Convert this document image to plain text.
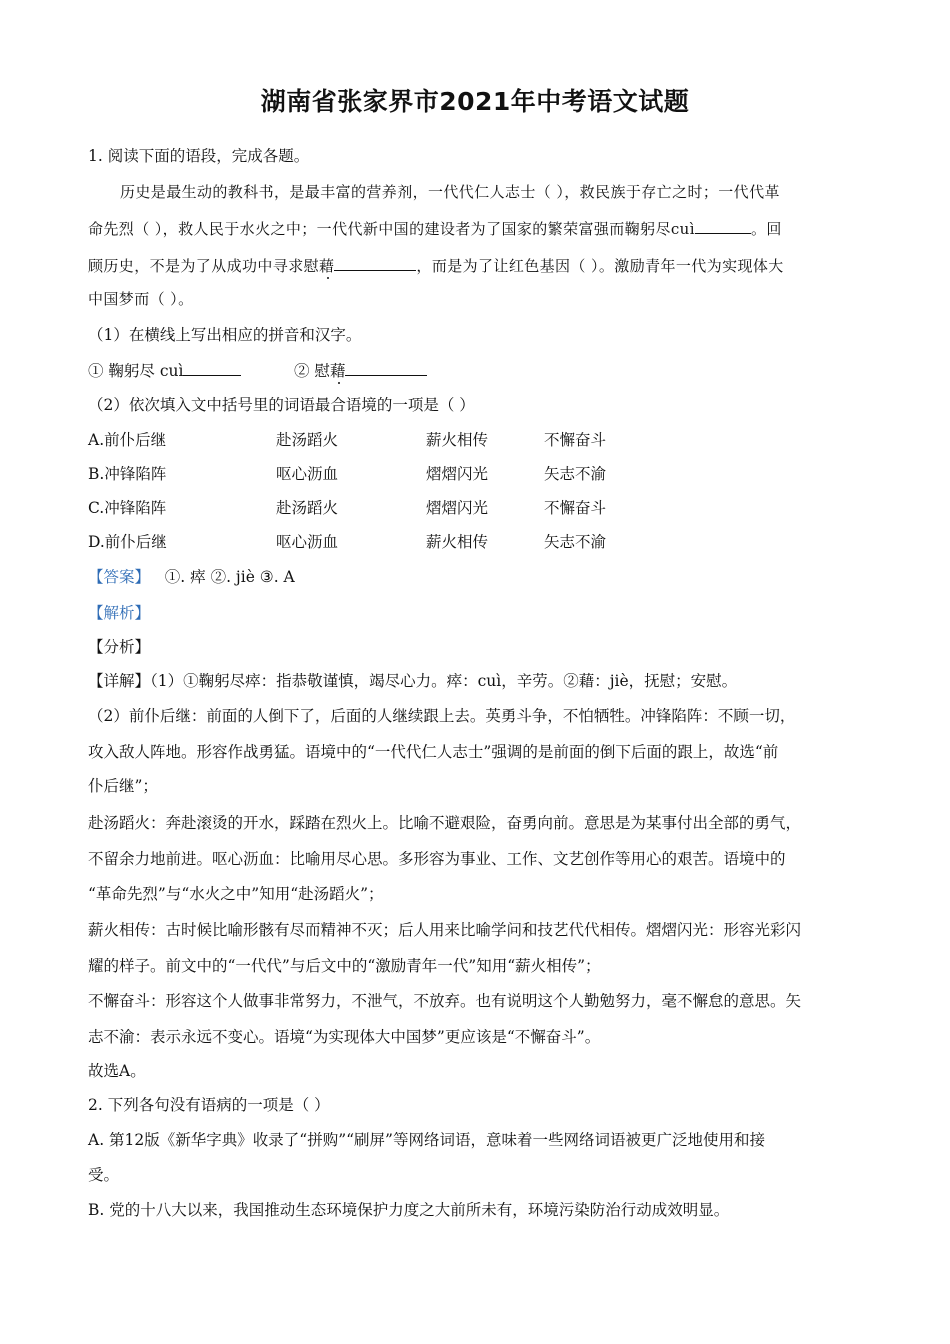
湖南省张家界市2021年中考语文试题
1. 阅读下面的语段，完成各题。
历史是最生动的教科书，是最丰富的营养剂，一代代仁人志士（ ），救民族于存亡之时；一代代革
命先烈（ ），救人民于水火之中；一代代新中国的建设者为了国家的繁荣富强而鞠躬尽cuì	。回
顾历史，不是为了从成功中寻求慰藉	，而是为了让红色基因（ ）。激励青年一代为实现体大
中国梦而（ ）。
（1）在横线上写出相应的拼音和汉字。
① 鞠躬尽 cuì	② 慰藉
（2）依次填入文中括号里的词语最合语境的一项是（ ）
A.前仆后继	赴汤蹈火	薪火相传	不懈奋斗
B.冲锋陷阵	呕心沥血	熠熠闪光	矢志不渝
C.冲锋陷阵	赴汤蹈火	熠熠闪光	不懈奋斗
D.前仆后继	呕心沥血	薪火相传	矢志不渝
【答案】 ①. 瘁 ②. jiè ③. A
【解析】
【分析】
【详解】（1）①鞠躬尽瘁：指恭敬谨慎，竭尽心力。瘁：cuì，辛劳。②藉：jiè，抚慰；安慰。
（2）前仆后继：前面的人倒下了，后面的人继续跟上去。英勇斗争，不怕牺牲。冲锋陷阵：不顾一切，
攻入敌人阵地。形容作战勇猛。语境中的“一代代仁人志士”强调的是前面的倒下后面的跟上，故选“前
仆后继”；
赴汤蹈火：奔赴滚烫的开水，踩踏在烈火上。比喻不避艰险，奋勇向前。意思是为某事付出全部的勇气，
不留余力地前进。呕心沥血：比喻用尽心思。多形容为事业、工作、文艺创作等用心的艰苦。语境中的
“革命先烈”与“水火之中”知用“赴汤蹈火”；
薪火相传：古时候比喻形骸有尽而精神不灭；后人用来比喻学问和技艺代代相传。熠熠闪光：形容光彩闪
耀的样子。前文中的“一代代”与后文中的“激励青年一代”知用“薪火相传”；
不懈奋斗：形容这个人做事非常努力，不泄气，不放弃。也有说明这个人勤勉努力，毫不懈怠的意思。矢
志不渝：表示永远不变心。语境“为实现体大中国梦”更应该是“不懈奋斗”。
故选A。
2. 下列各句没有语病的一项是（ ）
A. 第12版《新华字典》收录了“拼购”“刷屏”等网络词语，意味着一些网络词语被更广泛地使用和接
受。
B. 党的十八大以来，我国推动生态环境保护力度之大前所未有，环境污染防治行动成效明显。
